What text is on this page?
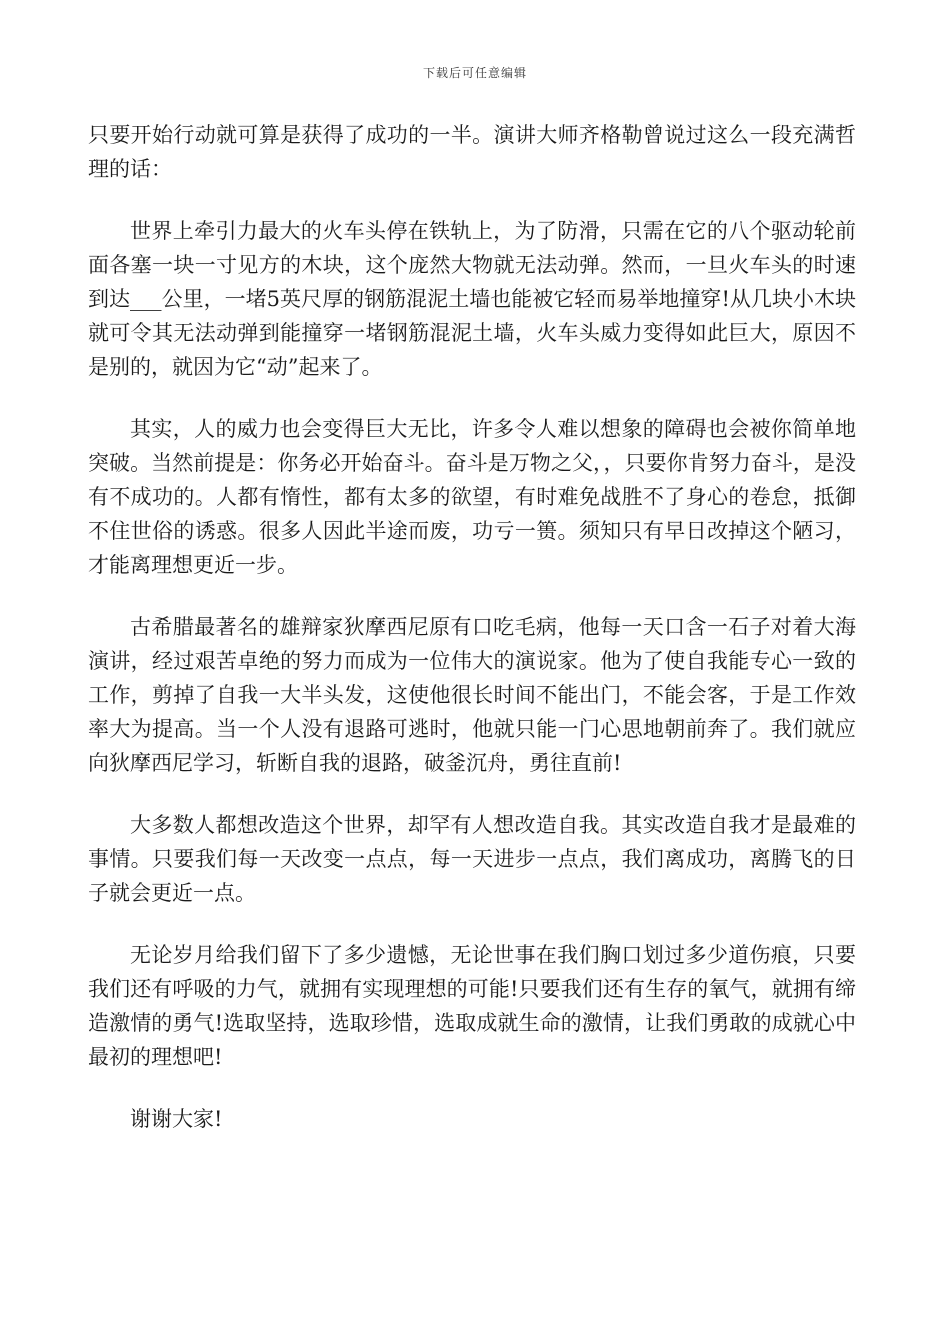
下载后可任意编辑

只要开始行动就可算是获得了成功的一半。演讲大师齐格勒曾说过这么一段充满哲理的话：

世界上牵引力最大的火车头停在铁轨上，为了防滑，只需在它的八个驱动轮前面各塞一块一寸见方的木块，这个庞然大物就无法动弹。然而，一旦火车头的时速到达___公里，一堵5英尺厚的钢筋混泥土墙也能被它轻而易举地撞穿!从几块小木块就可令其无法动弹到能撞穿一堵钢筋混泥土墙，火车头威力变得如此巨大，原因不是别的，就因为它“动”起来了。

其实，人的威力也会变得巨大无比，许多令人难以想象的障碍也会被你简单地突破。当然前提是：你务必开始奋斗。奋斗是万物之父，，只要你肯努力奋斗，是没有不成功的。人都有惰性，都有太多的欲望，有时难免战胜不了身心的卷怠，抵御不住世俗的诱惑。很多人因此半途而废，功亏一篑。须知只有早日改掉这个陋习，才能离理想更近一步。

古希腊最著名的雄辩家狄摩西尼原有口吃毛病，他每一天口含一石子对着大海演讲，经过艰苦卓绝的努力而成为一位伟大的演说家。他为了使自我能专心一致的工作，剪掉了自我一大半头发，这使他很长时间不能出门，不能会客，于是工作效率大为提高。当一个人没有退路可逃时，他就只能一门心思地朝前奔了。我们就应向狄摩西尼学习，斩断自我的退路，破釜沉舟，勇往直前!

大多数人都想改造这个世界，却罕有人想改造自我。其实改造自我才是最难的事情。只要我们每一天改变一点点，每一天进步一点点，我们离成功，离腾飞的日子就会更近一点。

无论岁月给我们留下了多少遗憾，无论世事在我们胸口划过多少道伤痕，只要我们还有呼吸的力气，就拥有实现理想的可能!只要我们还有生存的氧气，就拥有缔造激情的勇气!选取坚持，选取珍惜，选取成就生命的激情，让我们勇敢的成就心中最初的理想吧!

谢谢大家!
